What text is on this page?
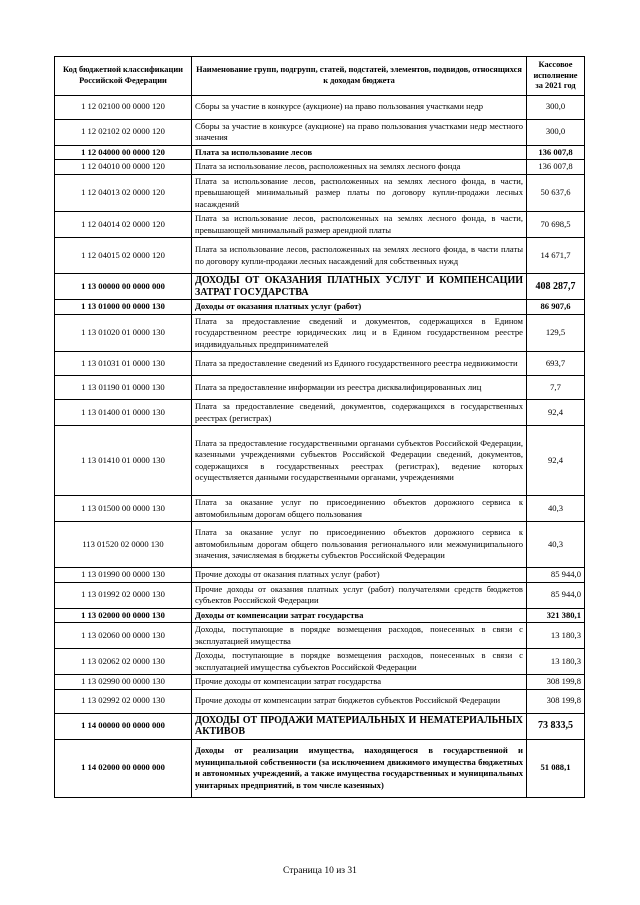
Код бюджетной классификации Российской Федерации	Наименование групп, подгрупп, статей, подстатей, элементов, подвидов, относящихся к доходам бюджета	Кассовое исполнение за 2021 год
1 12 02100 00 0000 120	Сборы за участие в конкурсе (аукционе) на право пользования участками недр	300,0
1 12 02102 02 0000 120	Сборы за участие в конкурсе (аукционе) на право пользования участками недр местного значения	300,0
1 12 04000 00 0000 120	Плата за использование лесов	136 007,8
1 12 04010 00 0000 120	Плата за использование лесов, расположенных на землях лесного фонда	136 007,8
1 12 04013 02 0000 120	Плата за использование лесов, расположенных на землях лесного фонда, в части, превышающей минимальный размер платы по договору купли-продажи лесных насаждений	50 637,6
1 12 04014 02 0000 120	Плата за использование лесов, расположенных на землях лесного фонда, в части, превышающей минимальный размер арендной платы	70 698,5
1 12 04015 02 0000 120	Плата за использование лесов, расположенных на землях лесного фонда, в части платы по договору купли-продажи лесных насаждений для собственных нужд	14 671,7
1 13 00000 00 0000 000	ДОХОДЫ ОТ ОКАЗАНИЯ ПЛАТНЫХ УСЛУГ И КОМПЕНСАЦИИ ЗАТРАТ ГОСУДАРСТВА	408 287,7
1 13 01000 00 0000 130	Доходы от оказания платных услуг (работ)	86 907,6
1 13 01020 01 0000 130	Плата за предоставление сведений и документов, содержащихся в Едином государственном реестре юридических лиц и в Едином государственном реестре индивидуальных предпринимателей	129,5
1 13 01031 01 0000 130	Плата за предоставление сведений из Единого государственного реестра недвижимости	693,7
1 13 01190 01 0000 130	Плата за предоставление информации из реестра дисквалифицированных лиц	7,7
1 13 01400 01 0000 130	Плата за предоставление сведений, документов, содержащихся в государственных реестрах (регистрах)	92,4
1 13 01410 01 0000 130	Плата за предоставление государственными органами субъектов Российской Федерации, казенными учреждениями субъектов Российской Федерации сведений, документов, содержащихся в государственных реестрах (регистрах), ведение которых осуществляется данными государственными органами, учреждениями	92,4
1 13 01500 00 0000 130	Плата за оказание услуг по присоединению объектов дорожного сервиса к автомобильным дорогам общего пользования	40,3
113 01520 02 0000 130	Плата за оказание услуг по присоединению объектов дорожного сервиса к автомобильным дорогам общего пользования регионального или межмуниципального значения, зачисляемая в бюджеты субъектов Российской Федерации	40,3
1 13 01990 00 0000 130	Прочие доходы от оказания платных услуг (работ)	85 944,0
1 13 01992 02 0000 130	Прочие доходы от оказания платных услуг (работ) получателями средств бюджетов субъектов Российской Федерации	85 944,0
1 13 02000 00 0000 130	Доходы от компенсации затрат государства	321 380,1
1 13 02060 00 0000 130	Доходы, поступающие в порядке возмещения расходов, понесенных в связи с эксплуатацией имущества	13 180,3
1 13 02062 02 0000 130	Доходы, поступающие в порядке возмещения расходов, понесенных в связи с эксплуатацией имущества субъектов Российской Федерации	13 180,3
1 13 02990 00 0000 130	Прочие доходы от компенсации затрат государства	308 199,8
1 13 02992 02 0000 130	Прочие доходы от компенсации затрат бюджетов субъектов Российской Федерации	308 199,8
1 14 00000 00 0000 000	ДОХОДЫ ОТ ПРОДАЖИ МАТЕРИАЛЬНЫХ И НЕМАТЕРИАЛЬНЫХ АКТИВОВ	73 833,5
1 14 02000 00 0000 000	Доходы от реализации имущества, находящегося в государственной и муниципальной собственности (за исключением движимого имущества бюджетных и автономных учреждений, а также имущества государственных и муниципальных унитарных предприятий, в том числе казенных)	51 088,1
Страница 10 из 31
